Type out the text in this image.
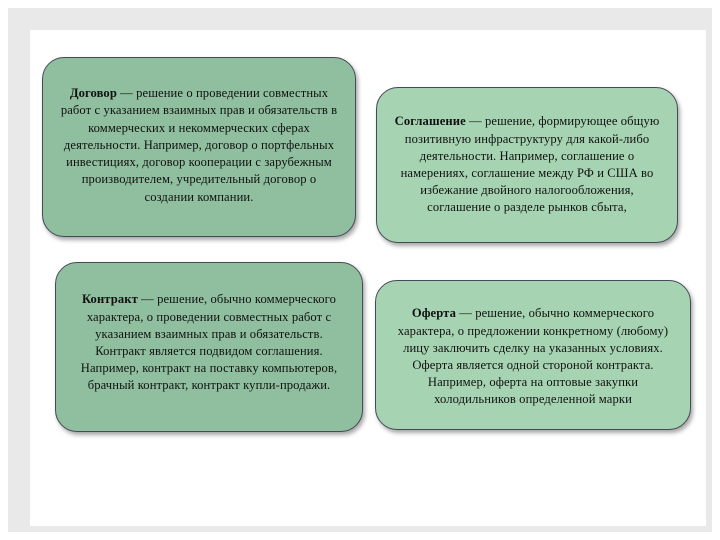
Договор — решение о проведении совместных работ с указанием взаимных прав и обязательств в коммерческих и некоммерческих сферах деятельности. Например, договор о портфельных инвестициях, договор кооперации с зарубежным производителем, учредительный договор о создании компании.

Соглашение — решение, формирующее общую позитивную инфраструктуру для какой-либо деятельности. Например, соглашение о намерениях, соглашение между РФ и США во избежание двойного налогообложения, соглашение о разделе рынков сбыта,

Контракт — решение, обычно коммерческого характера, о проведении совместных работ с указанием взаимных прав и обязательств. Контракт является подвидом соглашения. Например, контракт на поставку компьютеров, брачный контракт, контракт купли-продажи.

Оферта — решение, обычно коммерческого характера, о предложении конкретному (любому) лицу заключить сделку на указанных условиях. Оферта является одной стороной контракта. Например, оферта на оптовые закупки холодильников определенной марки
